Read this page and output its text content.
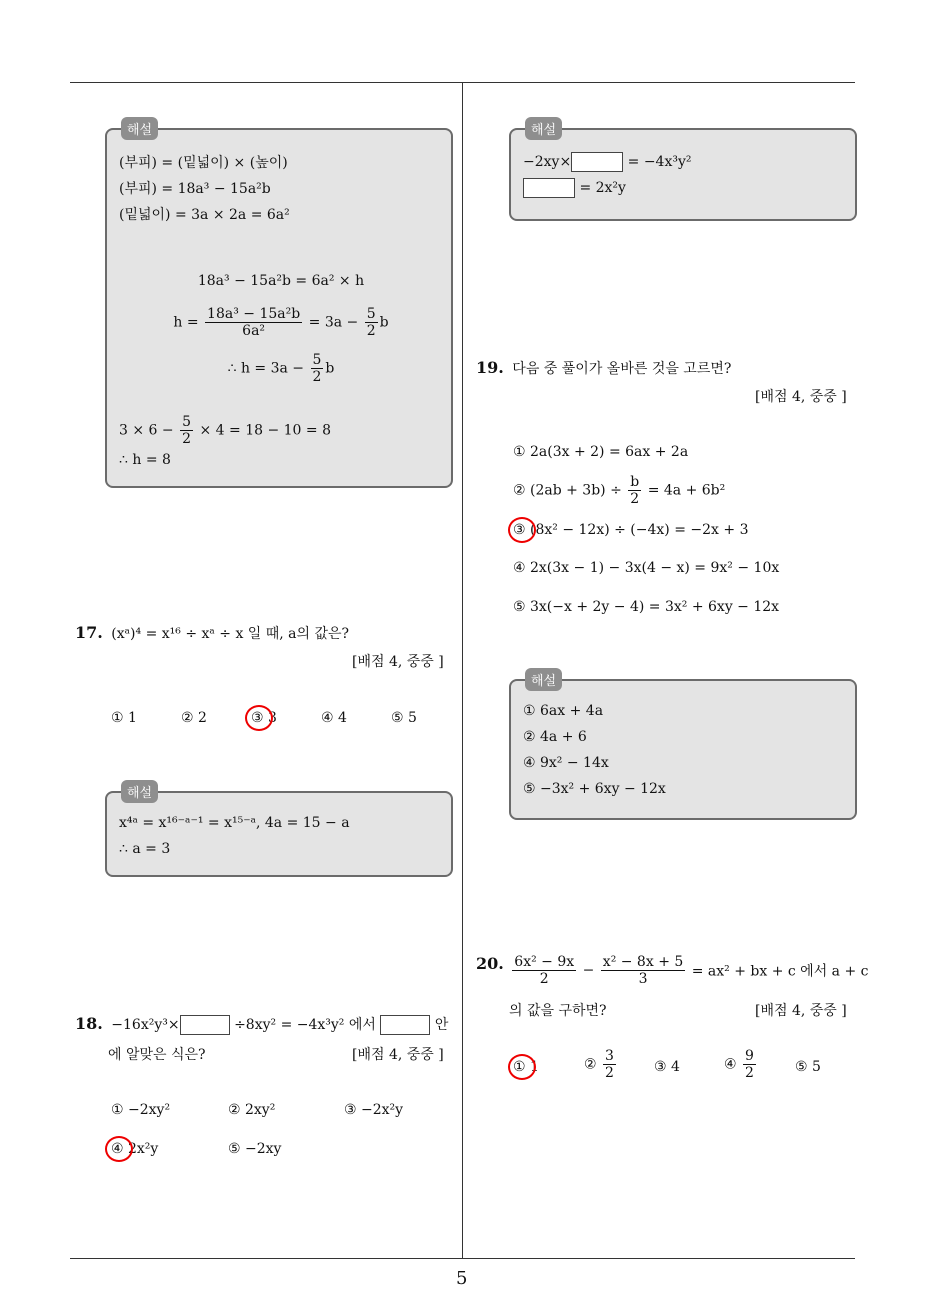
5
해설
(부피) = (밑넓이) × (높이)
(부피) = 18a³ − 15a²b
(밑넓이) = 3a × 2a = 6a²
18a³ − 15a²b = 6a² × h
$h = \frac{\text{18a³ − 15a²b}}{\text{6a²}} = 3a - \frac{5}{2}$ b
∴ $h = 3a - \frac{5}{2}$ b
$3 \times 6 - \frac{5}{2} \times 4 = 18 - 10 = 8$
∴ h = 8
17. (xᵃ)⁴ = x¹⁶ ÷ xᵃ ÷ x 일 때, a의 값은?
[배점 4, 중중 ]
① 1	② 2	③ 3	④ 4	⑤ 5
해설
x⁴ᵃ = x¹⁶⁻ᵃ⁻¹ = x¹⁵⁻ᵃ, 4a = 15 − a
∴ a = 3
18. −16x²y³×	÷8xy² = −4x³y² 에서	안
에 알맞은 식은?	[배점 4, 중중 ]
① −2xy²	② 2xy²	③ −2x²y
④ 2x²y	⑤ −2xy
해설
−2xy×	= −4x³y²
= 2x²y
19. 다음 중 풀이가 올바른 것을 고르면?
[배점 4, 중중 ]
① 2a(3x + 2) = 6ax + 2a
② $(2ab + 3b) \div \frac{b}{2} = 4a + 6b^2$
③ (8x² − 12x) ÷ (−4x) = −2x + 3
④ 2x(3x − 1) − 3x(4 − x) = 9x² − 10x
⑤ 3x(−x + 2y − 4) = 3x² + 6xy − 12x
해설
① 6ax + 4a
② 4a + 6
④ 9x² − 14x
⑤ −3x² + 6xy − 12x
20. $\frac{\text{6x² − 9x}}{2} - \frac{\text{x² − 8x + 5}}{3} = ax^2$ + bx + c 에서 a + c
의 값을 구하면?	[배점 4, 중중 ]
① 1	② $\frac{3}{2}$	③ 4	④ $\frac{9}{2}$	⑤ 5
